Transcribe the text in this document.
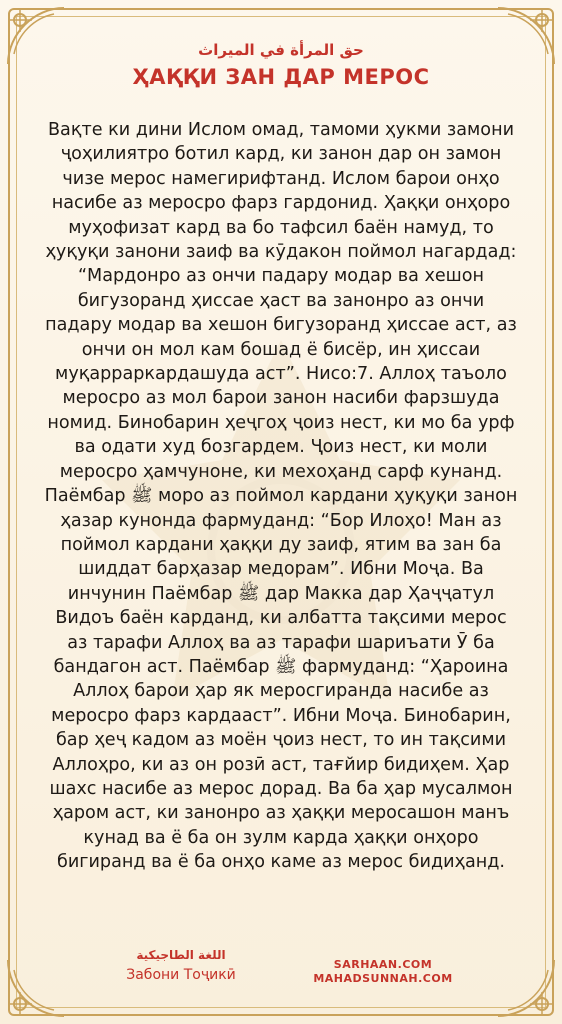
حق المرأة في الميراث
ҲАҚҚИ ЗАН ДАР МЕРОС

Вақте ки дини Ислом омад, тамоми ҳукми замони ҷоҳилиятро ботил кард, ки занон дар он замон чизе мерос намегирифтанд. Ислом барои онҳо насибе аз меросро фарз гардонид. Ҳаққи онҳоро муҳофизат кард ва бо тафсил баён намуд, то ҳуқуқи занони заиф ва кӯдакон поймол нагардад: “Мардонро аз ончи падару модар ва хешон бигузоранд ҳиссае ҳаст ва занонро аз ончи падару модар ва хешон бигузоранд ҳиссае аст, аз ончи он мол кам бошад ё бисёр, ин ҳиссаи муқарраркардашуда аст”. Нисо:7. Аллоҳ таъоло меросро аз мол барои занон насиби фарзшуда номид. Бинобарин ҳеҷгоҳ ҷоиз нест, ки мо ба урф ва одати худ бозгардем. Ҷоиз нест, ки моли меросро ҳамчуноне, ки мехоҳанд сарф кунанд. Паёмбар ﷺ моро аз поймол кардани ҳуқуқи занон ҳазар кунонда фармуданд: “Бор Илоҳо! Ман аз поймол кардани ҳаққи ду заиф, ятим ва зан ба шиддат барҳазар медорам”. Ибни Моҷа. Ва инчунин Паёмбар ﷺ дар Макка дар Ҳаҷҷатул Видоъ баён карданд, ки албатта тақсими мерос аз тарафи Аллоҳ ва аз тарафи шариъати Ӯ ба бандагон аст. Паёмбар ﷺ фармуданд: “Ҳароина Аллоҳ барои ҳар як меросгиранда насибе аз меросро фарз кардааст”. Ибни Моҷа. Бинобарин, бар ҳеҷ кадом аз моён ҷоиз нест, то ин тақсими Аллоҳро, ки аз он розӣ аст, тағйир бидиҳем. Ҳар шахс насибе аз мерос дорад. Ва ба ҳар мусалмон ҳаром аст, ки занонро аз ҳаққи меросашон манъ кунад ва ё ба он зулм карда ҳаққи онҳоро бигиранд ва ё ба онҳо каме аз мерос бидиҳанд.

اللغة الطاجيكية
Забони Тоҷикӣ
SARHAAN.COM
MAHADSUNNAH.COM
